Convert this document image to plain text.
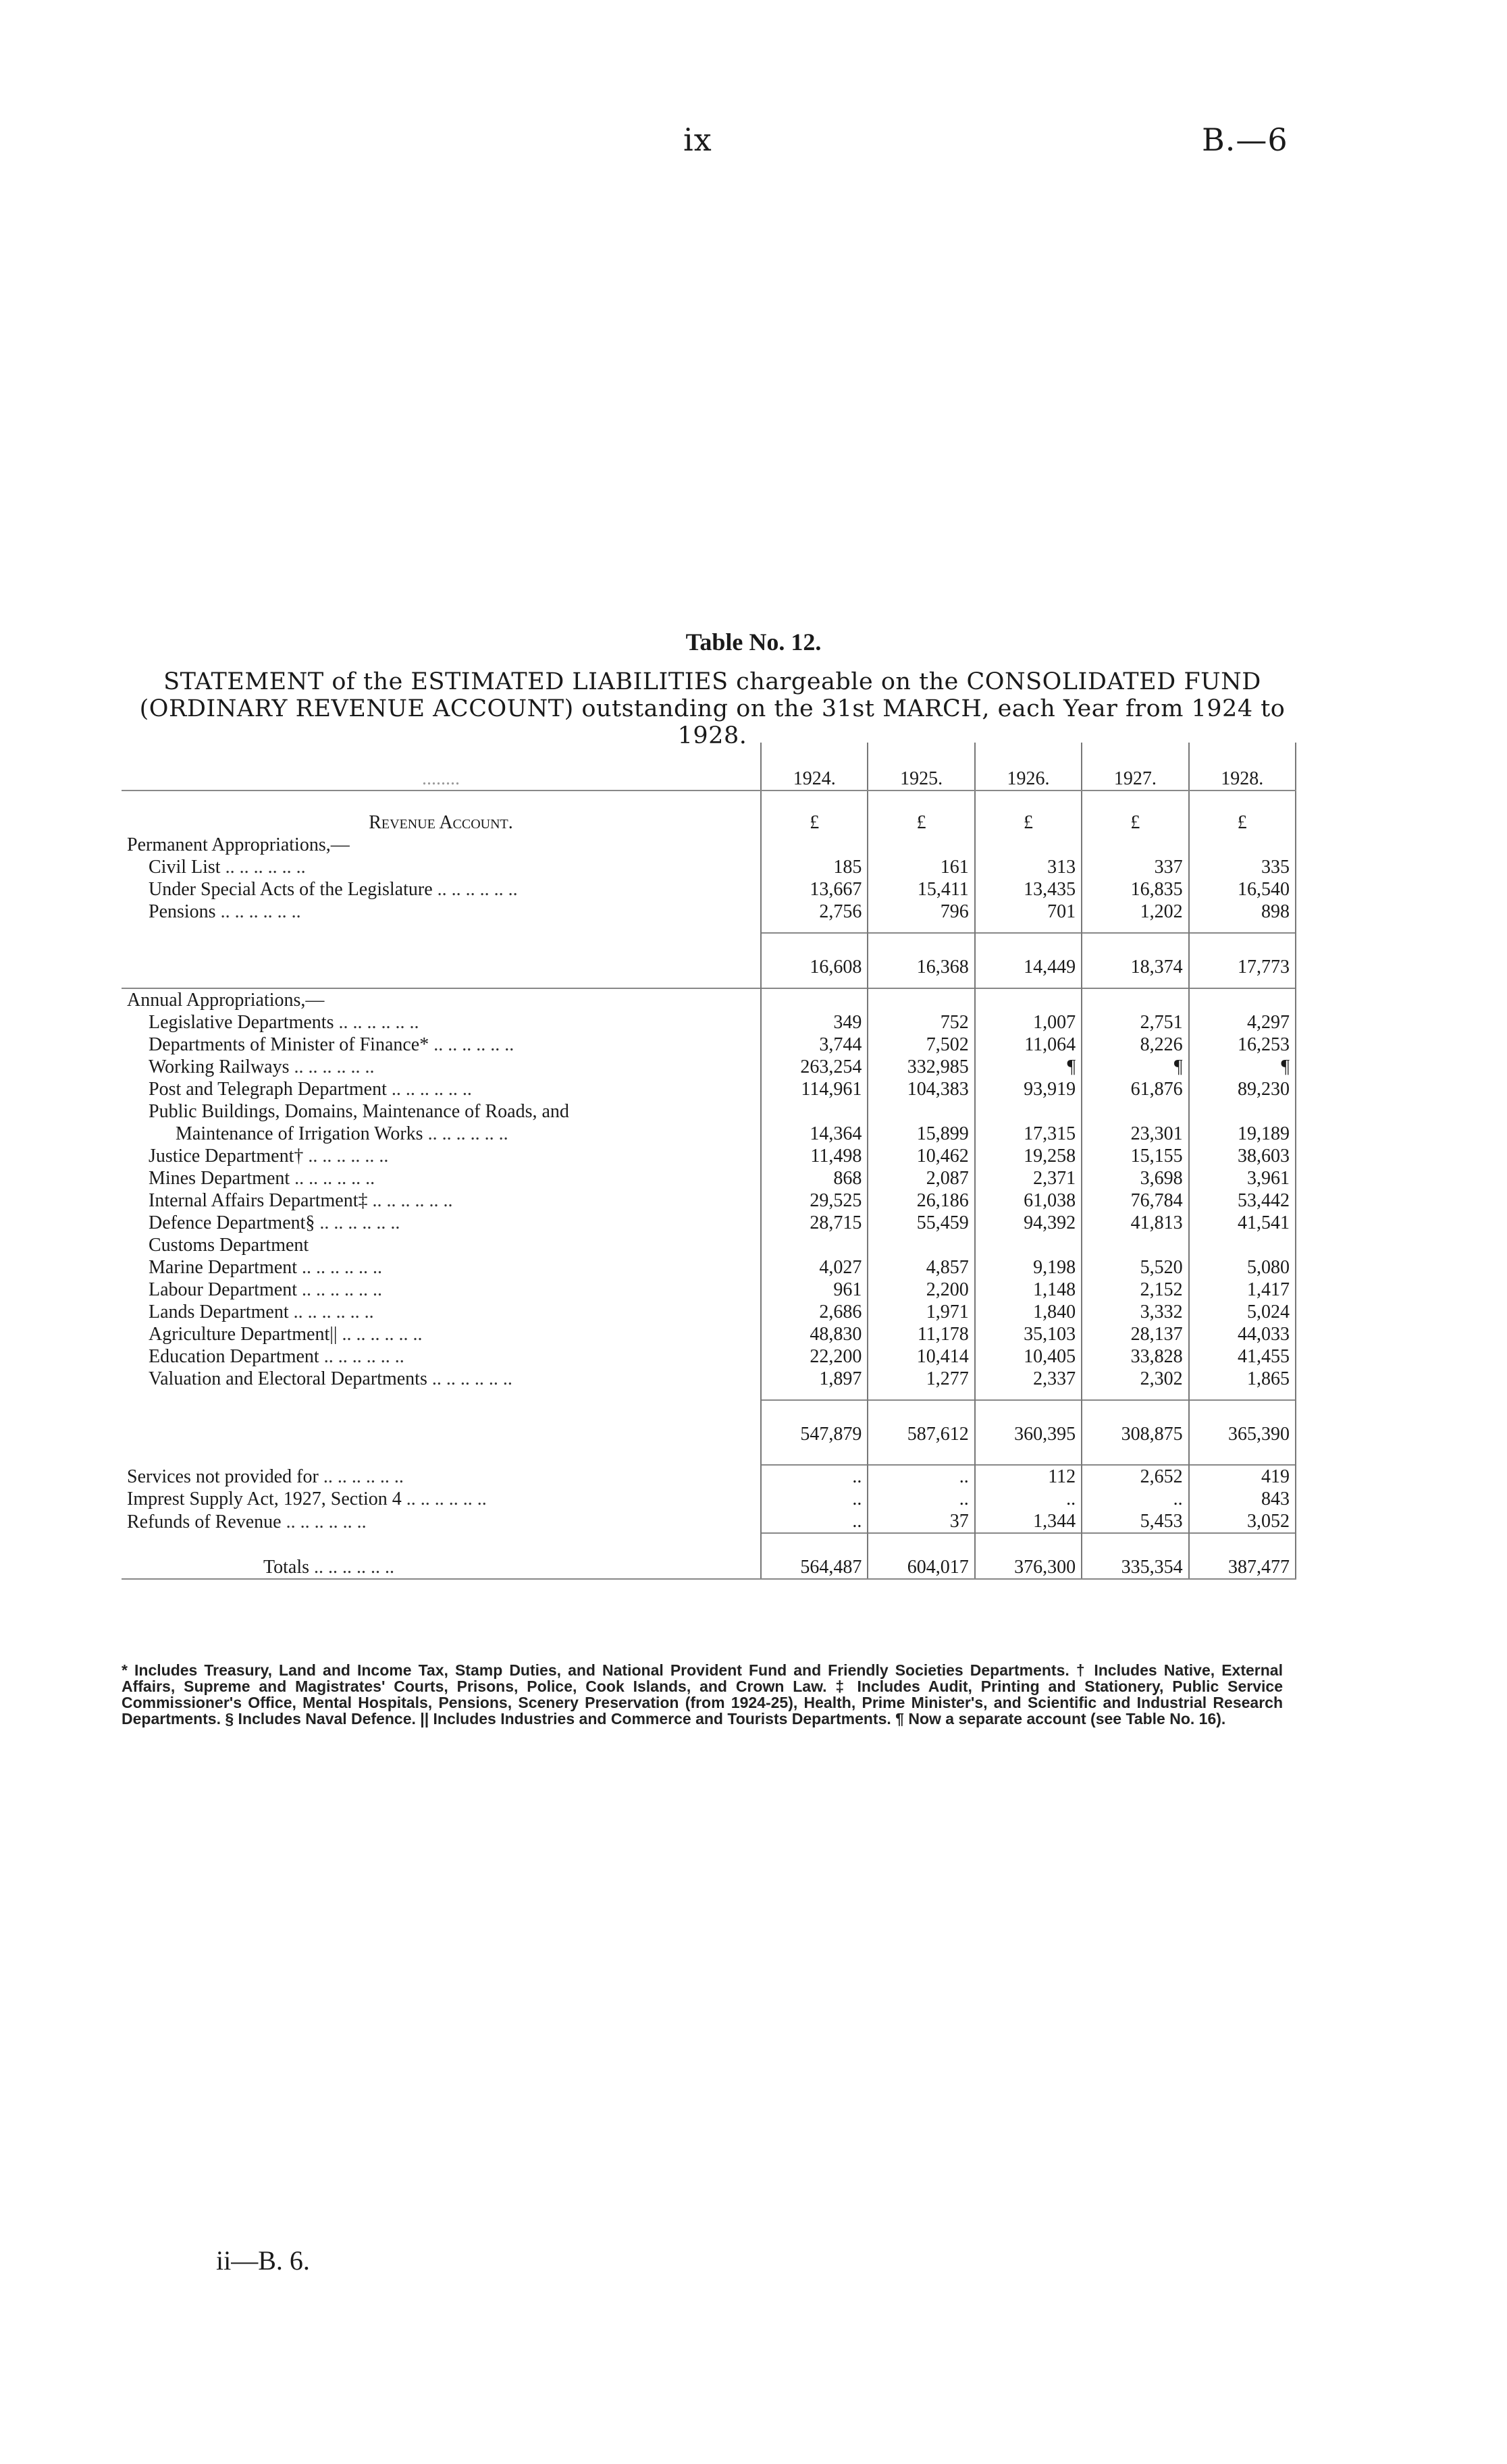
ix	B.—6
Table No. 12.
STATEMENT of the ESTIMATED LIABILITIES chargeable on the CONSOLIDATED FUND (ORDINARY REVENUE ACCOUNT) outstanding on the 31st MARCH, each Year from 1924 to 1928.
........	1924.	1925.	1926.	1927.	1928.
Revenue Account.	£	£	£	£	£
Permanent Appropriations,—					
Civil List .. .	185	161	313	337	335
Under Special Acts of the Legislature .. .	13,667	15,411	13,435	16,835	16,540
Pensions .. .	2,756	796	701	1,202	898

	16,608	16,368	14,449	18,374	17,773

Annual Appropriations,—					
Legislative Departments .. .	349	752	1,007	2,751	4,297
Departments of Minister of Finance* .. .	3,744	7,502	11,064	8,226	16,253
Working Railways .. .	263,254	332,985	¶	¶	¶
Post and Telegraph Department .. .	114,961	104,383	93,919	61,876	89,230
Public Buildings, Domains, Maintenance of Roads, and
Maintenance of Irrigation Works .. .	14,364	15,899	17,315	23,301	19,189
Justice Department† .. .	11,498	10,462	19,258	15,155	38,603
Mines Department .. .	868	2,087	2,371	3,698	3,961
Internal Affairs Department‡ .. .	29,525	26,186	61,038	76,784	53,442
Defence Department§ .. .	28,715	55,459	94,392	41,813	41,541
Customs Department
Marine Department .. .	4,027	4,857	9,198	5,520	5,080
Labour Department .. .	961	2,200	1,148	2,152	1,417
Lands Department .. .	2,686	1,971	1,840	3,332	5,024
Agriculture Department|| .. .	48,830	11,178	35,103	28,137	44,033
Education Department .. .	22,200	10,414	10,405	33,828	41,455
Valuation and Electoral Departments .. .	1,897	1,277	2,337	2,302	1,865

	547,879	587,612	360,395	308,875	365,390

Services not provided for .. .	..	..	112	2,652	419
Imprest Supply Act, 1927, Section 4 .. .	..	..	..	..	843
Refunds of Revenue .. .	..	37	1,344	5,453	3,052
Totals .. .	564,487	604,017	376,300	335,354	387,477
* Includes Treasury, Land and Income Tax, Stamp Duties, and National Provident Fund and Friendly Societies Departments. † Includes Native, External Affairs, Supreme and Magistrates' Courts, Prisons, Police, Cook Islands, and Crown Law. ‡ Includes Audit, Printing and Stationery, Public Service Commissioner's Office, Mental Hospitals, Pensions, Scenery Preservation (from 1924-25), Health, Prime Minister's, and Scientific and Industrial Research Departments. § Includes Naval Defence. || Includes Industries and Commerce and Tourists Departments. ¶ Now a separate account (see Table No. 16).
ii—B. 6.
